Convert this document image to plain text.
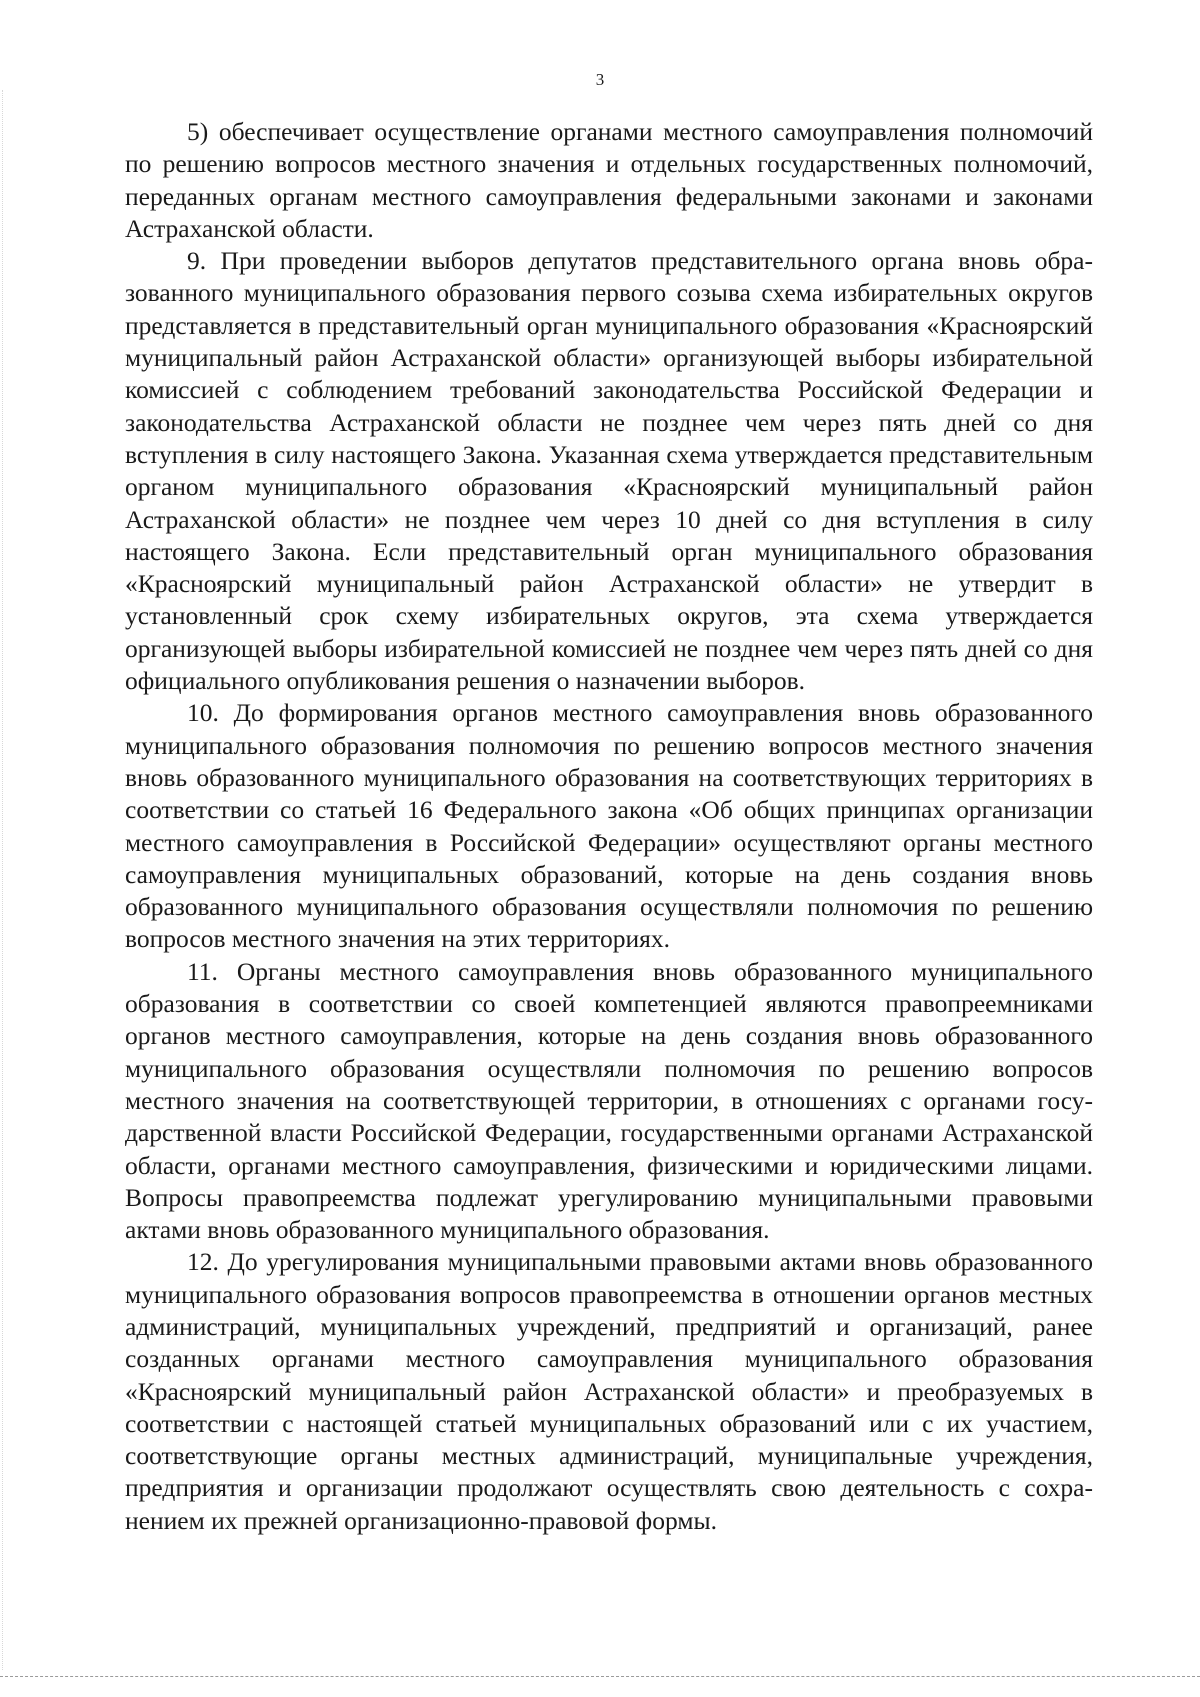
3

5) обеспечивает осуществление органами местного самоуправления полномочий по решению вопросов местного значения и отдельных государственных полномочий, переданных органам местного самоуправления федеральными законами и законами Астраханской области.

9. При проведении выборов депутатов представительного органа вновь образованного муниципального образования первого созыва схема избирательных округов представляется в представительный орган муниципального образования «Красноярский муниципальный район Астраханской области» организующей выборы избирательной комиссией с соблюдением требований законодательства Российской Федерации и законодательства Астраханской области не позднее чем через пять дней со дня вступления в силу настоящего Закона. Указанная схема утверждается представительным органом муниципального образования «Красноярский муниципальный район Астраханской области» не позднее чем через 10 дней со дня вступления в силу настоящего Закона. Если представительный орган муниципального образования «Красноярский муниципальный район Астраханской области» не утвердит в установленный срок схему избирательных округов, эта схема утверждается организующей выборы избирательной комиссией не позднее чем через пять дней со дня официального опубликования решения о назначении выборов.

10. До формирования органов местного самоуправления вновь образованного муниципального образования полномочия по решению вопросов местного значения вновь образованного муниципального образования на соответствующих территориях в соответствии со статьей 16 Федерального закона «Об общих принципах организации местного самоуправления в Российской Федерации» осуществляют органы местного самоуправления муниципальных образований, которые на день создания вновь образованного муниципального образования осуществляли полномочия по решению вопросов местного значения на этих территориях.

11. Органы местного самоуправления вновь образованного муниципального образования в соответствии со своей компетенцией являются правопреемниками органов местного самоуправления, которые на день создания вновь образованного муниципального образования осуществляли полномочия по решению вопросов местного значения на соответствующей территории, в отношениях с органами государственной власти Российской Федерации, государственными органами Астраханской области, органами местного самоуправления, физическими и юридическими лицами. Вопросы правопреемства подлежат урегулированию муниципальными правовыми актами вновь образованного муниципального образования.

12. До урегулирования муниципальными правовыми актами вновь образованного муниципального образования вопросов правопреемства в отношении органов местных администраций, муниципальных учреждений, предприятий и организаций, ранее созданных органами местного самоуправления муниципального образования «Красноярский муниципальный район Астраханской области» и преобразуемых в соответствии с настоящей статьей муниципальных образований или с их участием, соответствующие органы местных администраций, муниципальные учреждения, предприятия и организации продолжают осуществлять свою деятельность с сохранением их прежней организационно-правовой формы.
